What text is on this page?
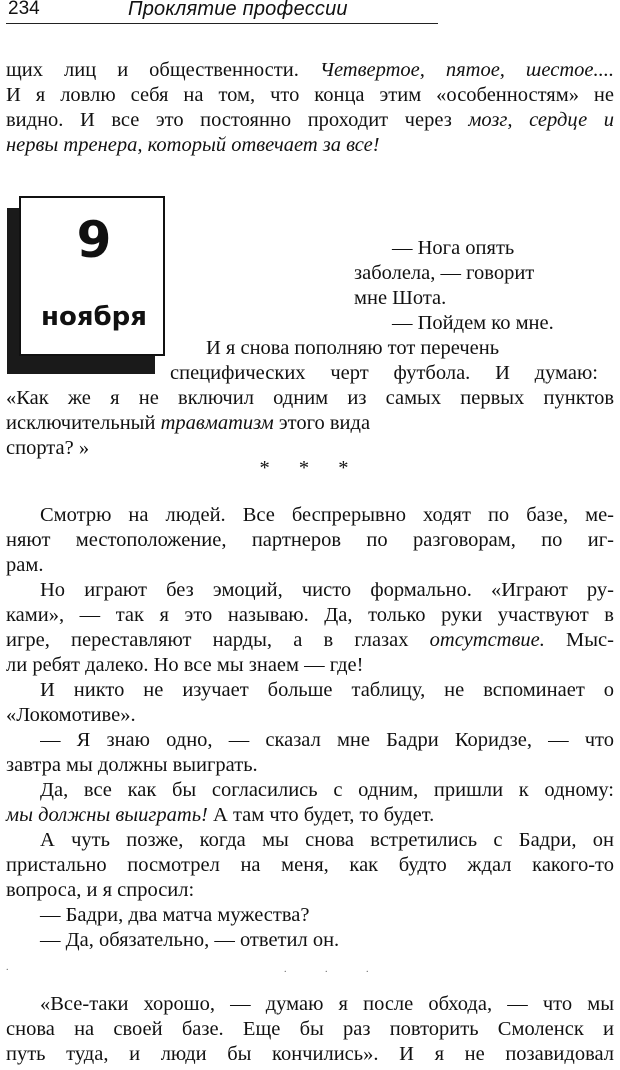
234	Проклятие профессии
9
ноября
щих лиц и общественности. Четвертое, пятое, шестое....
И я ловлю себя на том, что конца этим «особенностям» не
видно. И все это постоянно проходит через мозг, сердце и
нервы тренера, который отвечает за все!
— Нога опять
заболела, — говорит
мне Шота.
— Пойдем ко мне.
И я снова пополняю тот перечень
специфических черт футбола. И думаю:
«Как же я не включил одним из самых первых пунктов
исключительный травматизм этого вида
спорта? »
Смотрю на людей. Все беспрерывно ходят по базе, ме-
няют местоположение, партнеров по разговорам, по иг-
рам.
Но играют без эмоций, чисто формально. «Играют ру-
ками», — так я это называю. Да, только руки участвуют в
игре, переставляют нарды, а в глазах отсутствие. Мыс-
ли ребят далеко. Но все мы знаем — где!
И никто не изучает больше таблицу, не вспоминает о
«Локомотиве».
— Я знаю одно, — сказал мне Бадри Коридзе, — что
завтра мы должны выиграть.
Да, все как бы согласились с одним, пришли к одному:
мы должны выиграть! А там что будет, то будет.
А чуть позже, когда мы снова встретились с Бадри, он
пристально посмотрел на меня, как будто ждал какого-то
вопроса, и я спросил:
— Бадри, два матча мужества?
— Да, обязательно, — ответил он.
«Все-таки хорошо, — думаю я после обхода, — что мы
снова на своей базе. Еще бы раз повторить Смоленск и
путь туда, и люди бы кончились». И я не позавидовал
* * *
.	. . .
